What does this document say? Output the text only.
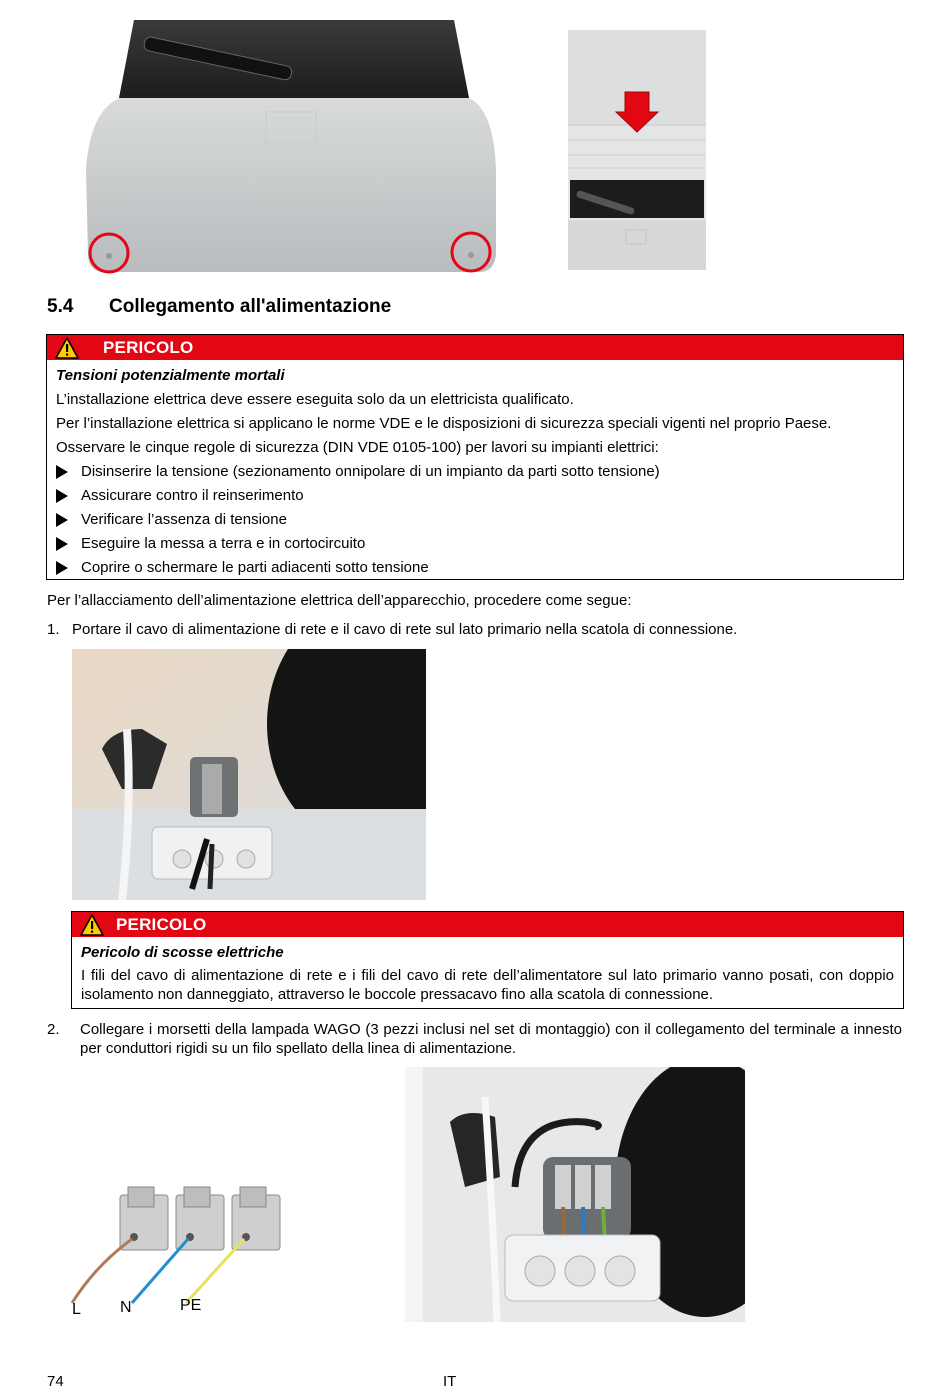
5.4 Collegamento all'alimentazione
PERICOLO
Tensioni potenzialmente mortali
L’installazione elettrica deve essere eseguita solo da un elettricista qualificato.
Per l’installazione elettrica si applicano le norme VDE e le disposizioni di sicurezza speciali vigenti nel proprio Paese.
Osservare le cinque regole di sicurezza (DIN VDE 0105-100) per lavori su impianti elettrici:
Disinserire la tensione (sezionamento onnipolare di un impianto da parti sotto tensione)
Assicurare contro il reinserimento
Verificare l’assenza di tensione
Eseguire la messa a terra e in cortocircuito
Coprire o schermare le parti adiacenti sotto tensione
Per l’allacciamento dell’alimentazione elettrica dell’apparecchio, procedere come segue:
1. Portare il cavo di alimentazione di rete e il cavo di rete sul lato primario nella scatola di connessione.
PERICOLO
Pericolo di scosse elettriche
I fili del cavo di alimentazione di rete e i fili del cavo di rete dell’alimentatore sul lato primario vanno posati, con doppio isolamento non danneggiato, attraverso le boccole pressacavo fino alla scatola di connessione.
2. Collegare i morsetti della lampada WAGO (3 pezzi inclusi nel set di montaggio) con il collegamento del terminale a innesto per conduttori rigidi su un filo spellato della linea di alimentazione.
L N	PE
74	IT
